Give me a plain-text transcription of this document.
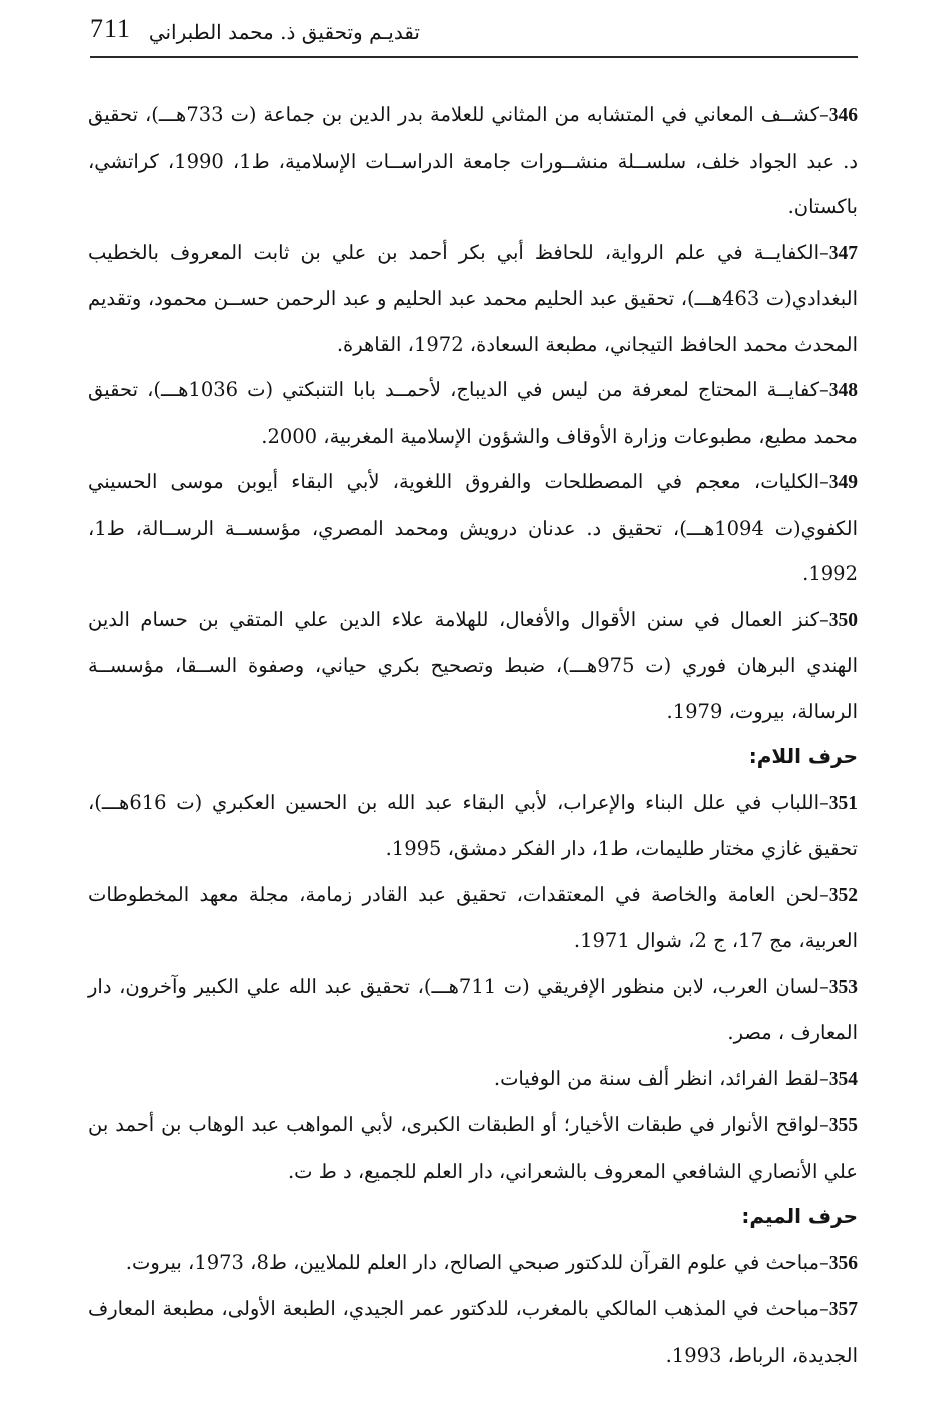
711 تقديـم وتحقيق ذ. محمد الطبراني

346–كشــف المعاني في المتشابه من المثاني للعلامة بدر الدين بن جماعة (ت 733هـــ)، تحقيق د. عبد الجواد خلف، سلســلة منشــورات جامعة الدراســات الإسلامية، ط1، 1990، كراتشي، باكستان.

347–الكفايــة في علم الرواية، للحافظ أبي بكر أحمد بن علي بن ثابت المعروف بالخطيب البغدادي(ت 463هـــ)، تحقيق عبد الحليم محمد عبد الحليم و عبد الرحمن حســن محمود، وتقديم المحدث محمد الحافظ التيجاني، مطبعة السعادة، 1972، القاهرة.

348–كفايــة المحتاج لمعرفة من ليس في الديباج، لأحمــد بابا التنبكتي (ت 1036هـــ)، تحقيق محمد مطيع، مطبوعات وزارة الأوقاف والشؤون الإسلامية المغربية، 2000.

349–الكليات، معجم في المصطلحات والفروق اللغوية، لأبي البقاء أيوبن موسى الحسيني الكفوي(ت 1094هـــ)، تحقيق د. عدنان درويش ومحمد المصري، مؤسســة الرســالة، ط1، 1992.

350–كنز العمال في سنن الأقوال والأفعال، للهلامة علاء الدين علي المتقي بن حسام الدين الهندي البرهان فوري (ت 975هـــ)، ضبط وتصحيح بكري حياني، وصفوة الســقا، مؤسســة الرسالة، بيروت، 1979.

حرف اللام:

351–اللباب في علل البناء والإعراب، لأبي البقاء عبد الله بن الحسين العكبري (ت 616هـــ)، تحقيق غازي مختار طليمات، ط1، دار الفكر دمشق، 1995.

352–لحن العامة والخاصة في المعتقدات، تحقيق عبد القادر زمامة، مجلة معهد المخطوطات العربية، مج 17، ج 2، شوال 1971.

353–لسان العرب، لابن منظور الإفريقي (ت 711هـــ)، تحقيق عبد الله علي الكبير وآخرون، دار المعارف ، مصر.

354–لقط الفرائد، انظر ألف سنة من الوفيات.

355–لواقح الأنوار في طبقات الأخيار؛ أو الطبقات الكبرى، لأبي المواهب عبد الوهاب بن أحمد بن علي الأنصاري الشافعي المعروف بالشعراني، دار العلم للجميع، د ط ت.

حرف الميم:

356–مباحث في علوم القرآن للدكتور صبحي الصالح، دار العلم للملايين، ط8، 1973، بيروت.

357–مباحث في المذهب المالكي بالمغرب، للدكتور عمر الجيدي، الطبعة الأولى، مطبعة المعارف الجديدة، الرباط، 1993.
